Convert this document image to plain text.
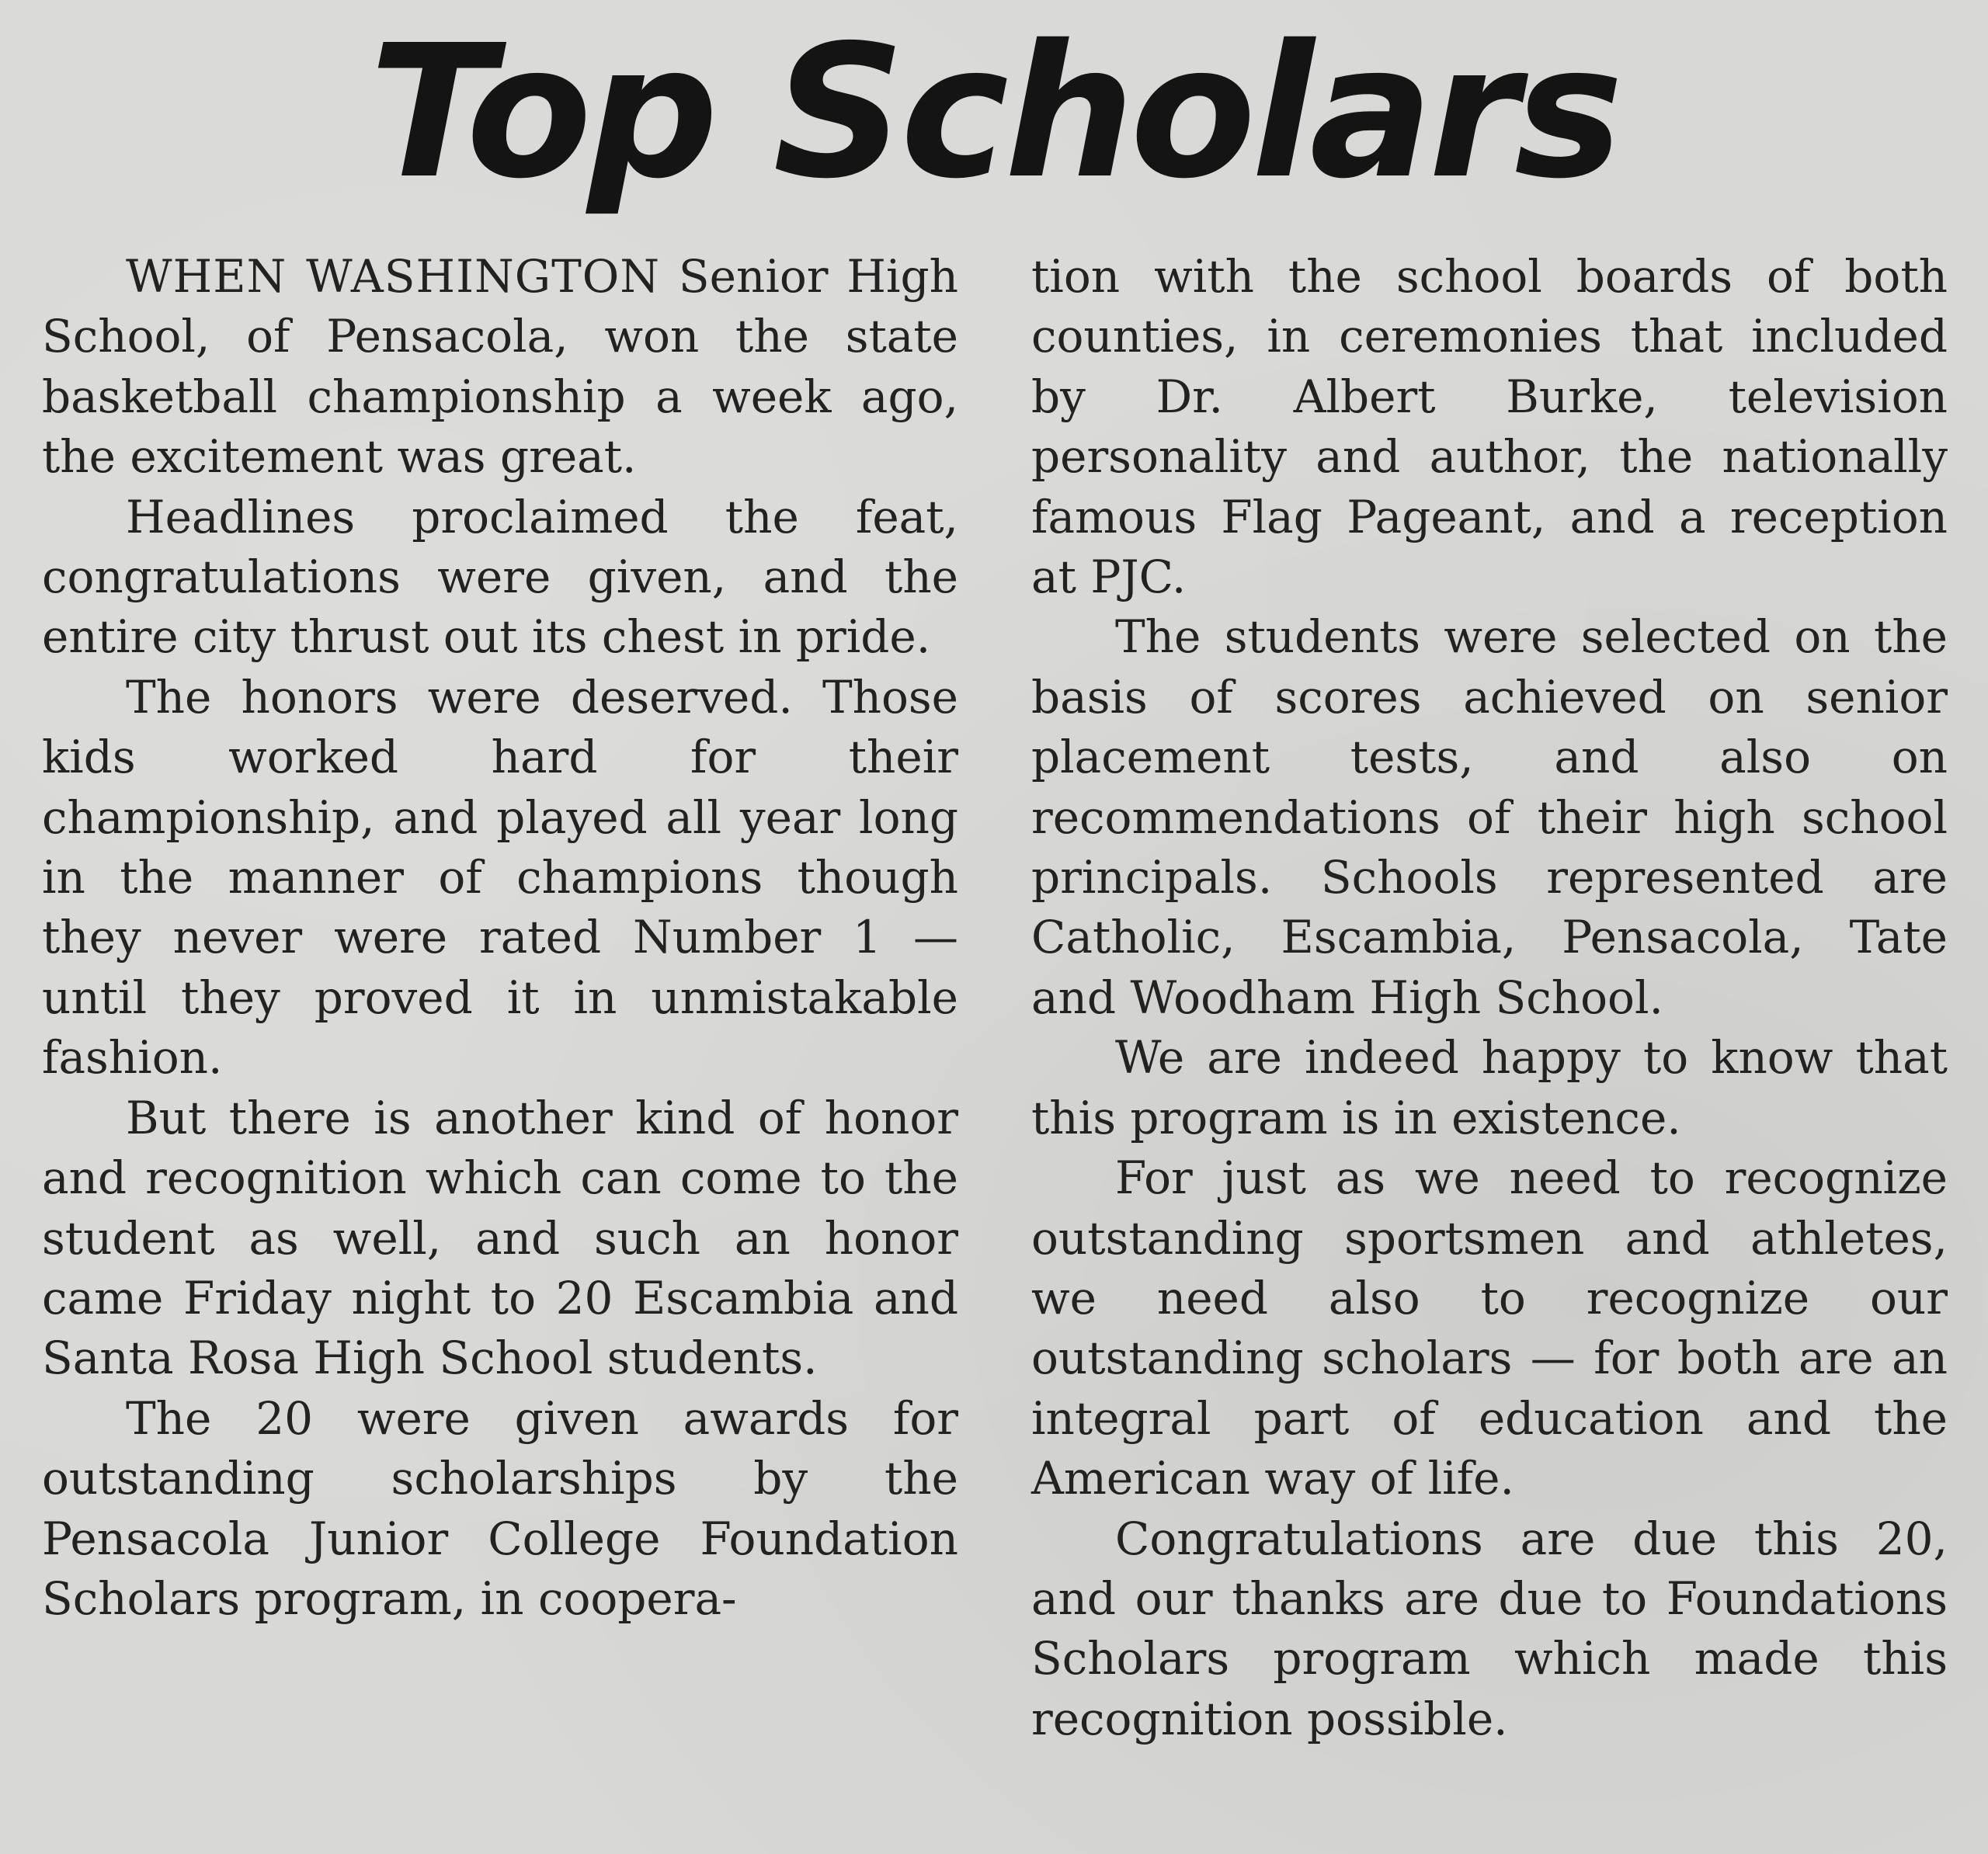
Top Scholars

WHEN WASHINGTON Senior High School, of Pensacola, won the state basketball championship a week ago, the excitement was great.

Headlines proclaimed the feat, congratulations were given, and the entire city thrust out its chest in pride.

The honors were deserved. Those kids worked hard for their championship, and played all year long in the manner of champions though they never were rated Number 1 — until they proved it in unmistakable fashion.

But there is another kind of honor and recognition which can come to the student as well, and such an honor came Friday night to 20 Escambia and Santa Rosa High School students.

The 20 were given awards for outstanding scholarships by the Pensacola Junior College Foundation Scholars program, in coopera-

tion with the school boards of both counties, in ceremonies that included by Dr. Albert Burke, television personality and author, the nationally famous Flag Pageant, and a reception at PJC.

The students were selected on the basis of scores achieved on senior placement tests, and also on recommendations of their high school principals. Schools represented are Catholic, Escambia, Pensacola, Tate and Woodham High School.

We are indeed happy to know that this program is in existence.

For just as we need to recognize outstanding sportsmen and athletes, we need also to recognize our outstanding scholars — for both are an integral part of education and the American way of life.

Congratulations are due this 20, and our thanks are due to Foundations Scholars program which made this recognition possible.
